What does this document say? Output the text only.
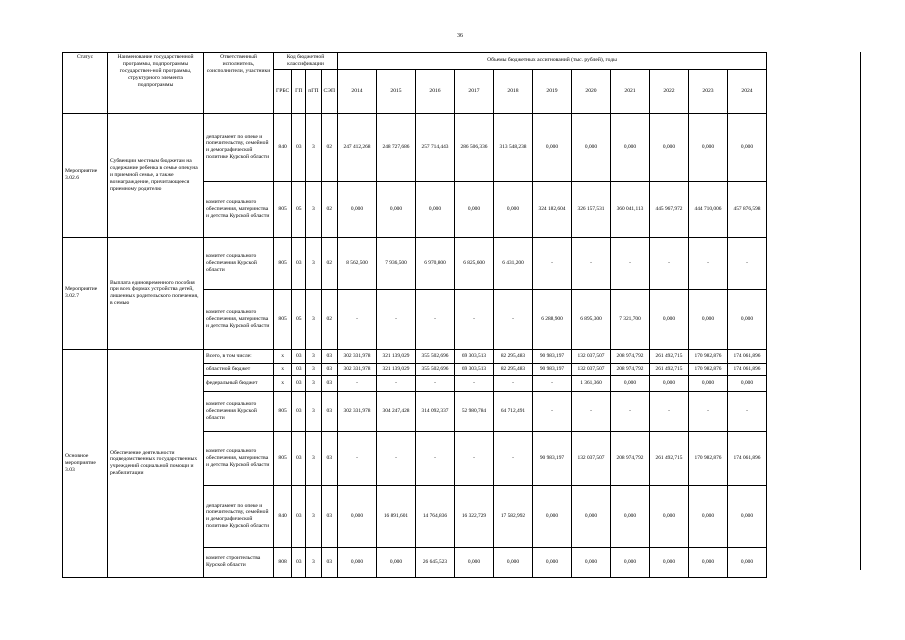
36
Статус	Наименование государственной программы, подпрограммы государствен-ной программы, структурного элемента подпрограммы	Ответственный исполнитель, соисполнители, участники	Код бюджетной классификации				Объемы бюджетных ассигнований (тыс. рублей), годы										
			ГРБС	ГП	пГП	СЭП	2014	2015	2016	2017	2018	2019	2020	2021	2022	2023	2024
Мероприятие 3.02.6	Субвенции местным бюджетам на содержание ребенка в семье опекуна и приемной семье, а также вознаграждение, причитающееся приемному родителю	департамент по опеке и попечительству, семейной и демографической политике Курской области	840	03	3	02	247 412,268	248 727,686	257 714,443	286 506,336	313 548,238	0,000	0,000	0,000	0,000	0,000	0,000
		комитет социального обеспечения, материнства и детства Курской области	805	05	3	02	0,000	0,000	0,000	0,000	0,000	324 182,604	326 157,531	360 041,113	445 967,972	444 710,006	457 876,598
Мероприятие 3.02.7	Выплата единовременного пособия при всех формах устройства детей, лишенных родительского попечения, в семью	комитет социального обеспечения Курской области	805	03	3	02	8 562,500	7 936,500	6 970,800	6 825,600	6 431,200	-	-	-	-	-	-
		комитет социального обеспечения, материнства и детства Курской области	805	05	3	02	-	-	-	-	-	6 288,900	6 895,300	7 321,700	0,000	0,000	0,000
Основное мероприятие 3.03	Обеспечение деятельности подведомственных государственных учреждений социальной помощи и реабилитации	Всего, в том числе:	х	03	3	03	302 331,978	321 139,029	355 502,696	69 303,513	82 295,483	90 983,197	132 037,507	208 974,792	261 492,715	170 982,876	174 061,896
		областной бюджет	х	03	3	03	302 331,978	321 139,029	355 502,696	69 303,513	82 295,483	90 983,197	132 037,507	208 974,792	261 492,715	170 982,876	174 061,896
		федеральный бюджет	х	03	3	03	-	-	-	-	-	-	1 361,360	0,000	0,000	0,000	0,000
		комитет социального обеспечения Курской области	805	03	3	03	302 331,978	304 247,428	314 092,337	52 980,784	64 712,491	-	-	-	-	-	-
		комитет социального обеспечения, материнства и детства Курской области	805	03	3	03	-	-	-	-	-	90 983,197	132 037,507	208 974,792	261 492,715	170 982,876	174 061,896
		департамент по опеке и попечительству, семейной и демографической политике Курской области	840	03	3	03	0,000	16 891,601	14 764,836	16 322,729	17 582,992	0,000	0,000	0,000	0,000	0,000	0,000
		комитет строительства Курской области	808	03	3	03	0,000	0,000	26 645,523	0,000	0,000	0,000	0,000	0,000	0,000	0,000	0,000
